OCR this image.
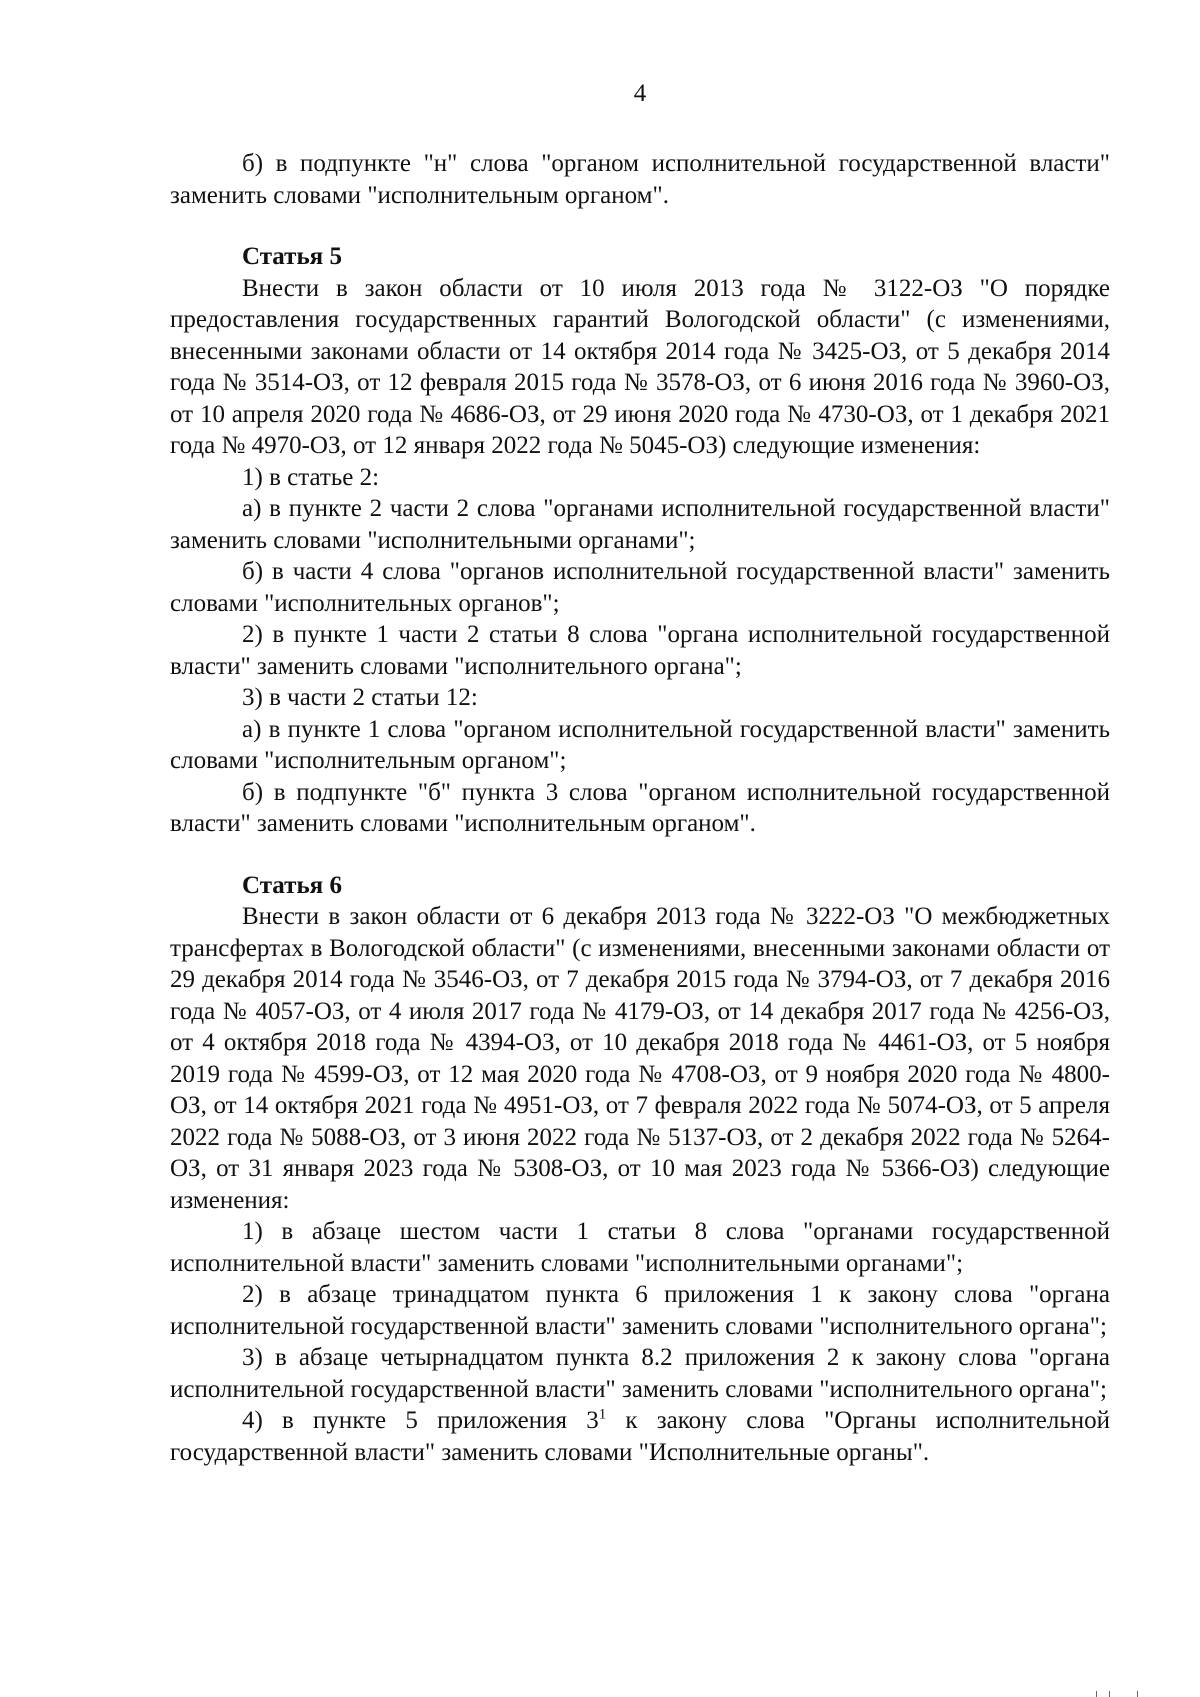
4

б) в подпункте "н" слова "органом исполнительной государственной власти" заменить словами "исполнительным органом".

Статья 5

Внести в закон области от 10 июля 2013 года № 3122-ОЗ "О порядке предоставления государственных гарантий Вологодской области" (с изменениями, внесенными законами области от 14 октября 2014 года № 3425-ОЗ, от 5 декабря 2014 года № 3514-ОЗ, от 12 февраля 2015 года № 3578-ОЗ, от 6 июня 2016 года № 3960-ОЗ, от 10 апреля 2020 года № 4686-ОЗ, от 29 июня 2020 года № 4730-ОЗ, от 1 декабря 2021 года № 4970-ОЗ, от 12 января 2022 года № 5045-ОЗ) следующие изменения:

1) в статье 2:

а) в пункте 2 части 2 слова "органами исполнительной государственной власти" заменить словами "исполнительными органами";

б) в части 4 слова "органов исполнительной государственной власти" заменить словами "исполнительных органов";

2) в пункте 1 части 2 статьи 8 слова "органа исполнительной государственной власти" заменить словами "исполнительного органа";

3) в части 2 статьи 12:

а) в пункте 1 слова "органом исполнительной государственной власти" заменить словами "исполнительным органом";

б) в подпункте "б" пункта 3 слова "органом исполнительной государственной власти" заменить словами "исполнительным органом".

Статья 6

Внести в закон области от 6 декабря 2013 года № 3222-ОЗ "О межбюджетных трансфертах в Вологодской области" (с изменениями, внесенными законами области от 29 декабря 2014 года № 3546-ОЗ, от 7 декабря 2015 года № 3794-ОЗ, от 7 декабря 2016 года № 4057-ОЗ, от 4 июля 2017 года № 4179-ОЗ, от 14 декабря 2017 года № 4256-ОЗ, от 4 октября 2018 года № 4394-ОЗ, от 10 декабря 2018 года № 4461-ОЗ, от 5 ноября 2019 года № 4599-ОЗ, от 12 мая 2020 года № 4708-ОЗ, от 9 ноября 2020 года № 4800-ОЗ, от 14 октября 2021 года № 4951-ОЗ, от 7 февраля 2022 года № 5074-ОЗ, от 5 апреля 2022 года № 5088-ОЗ, от 3 июня 2022 года № 5137-ОЗ, от 2 декабря 2022 года № 5264-ОЗ, от 31 января 2023 года № 5308-ОЗ, от 10 мая 2023 года № 5366-ОЗ) следующие изменения:

1) в абзаце шестом части 1 статьи 8 слова "органами государственной исполнительной власти" заменить словами "исполнительными органами";

2) в абзаце тринадцатом пункта 6 приложения 1 к закону слова "органа исполнительной государственной власти" заменить словами "исполнительного органа";

3) в абзаце четырнадцатом пункта 8.2 приложения 2 к закону слова "органа исполнительной государственной власти" заменить словами "исполнительного органа";

4) в пункте 5 приложения $3^1$ к закону слова "Органы исполнительной государственной власти" заменить словами "Исполнительные органы".
